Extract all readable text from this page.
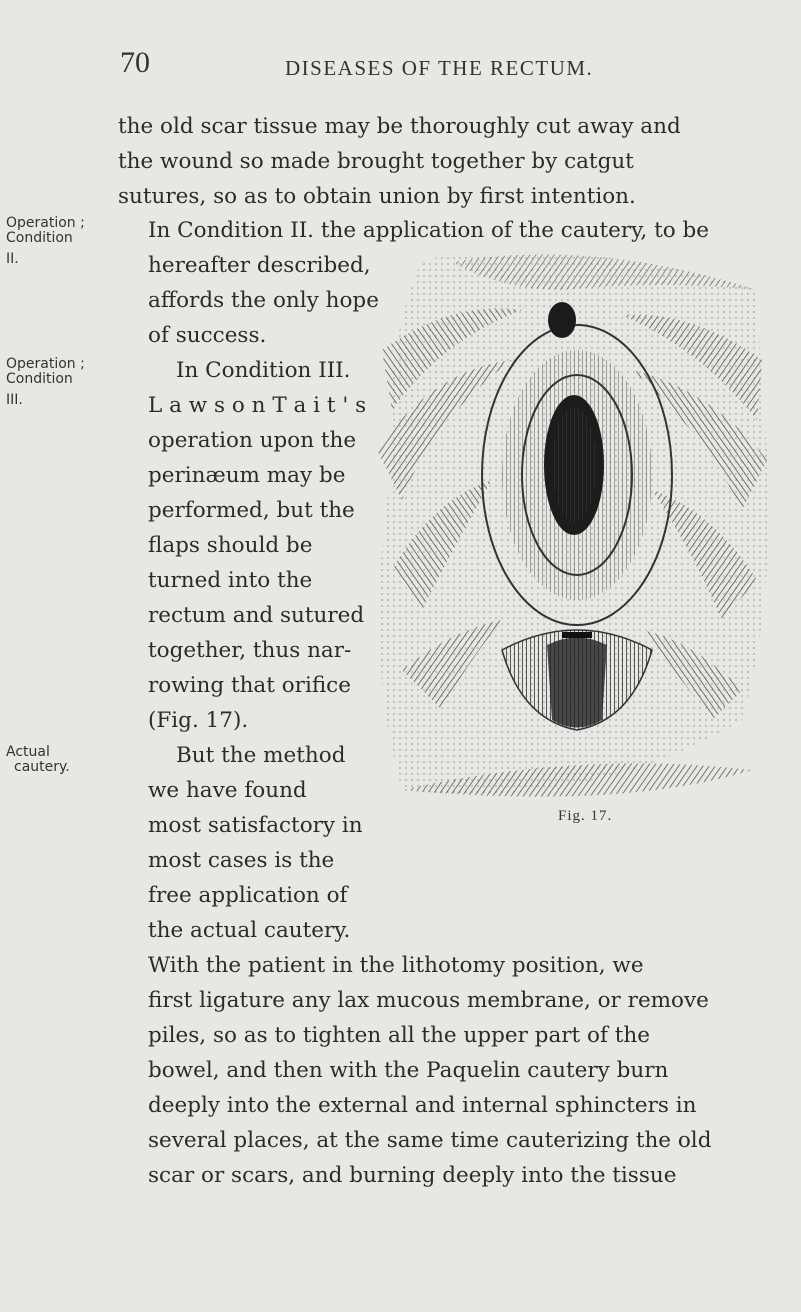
70	DISEASES OF THE RECTUM.
the old scar tissue may be thoroughly cut away and
the wound so made brought together by catgut
sutures, so as to obtain union by first intention.
In Condition II. the application of the cautery, to be
hereafter described,
affords the only hope
of success.
In Condition III.
L a w s o n T a i t ' s
operation upon the
perinæum may be
performed, but the
flaps should be
turned into the
rectum and sutured
together, thus nar-
rowing that orifice
(Fig. 17).
But the method
we have found
most satisfactory in
most cases is the
free application of
the actual cautery.
With the patient in the lithotomy position, we
first ligature any lax mucous membrane, or remove
piles, so as to tighten all the upper part of the
bowel, and then with the Paquelin cautery burn
deeply into the external and internal sphincters in
several places, at the same time cauterizing the old
scar or scars, and burning deeply into the tissue
Operation ;
Condition
II.
Operation ;
Condition
III.
Actual
cautery.
Fig. 17.
